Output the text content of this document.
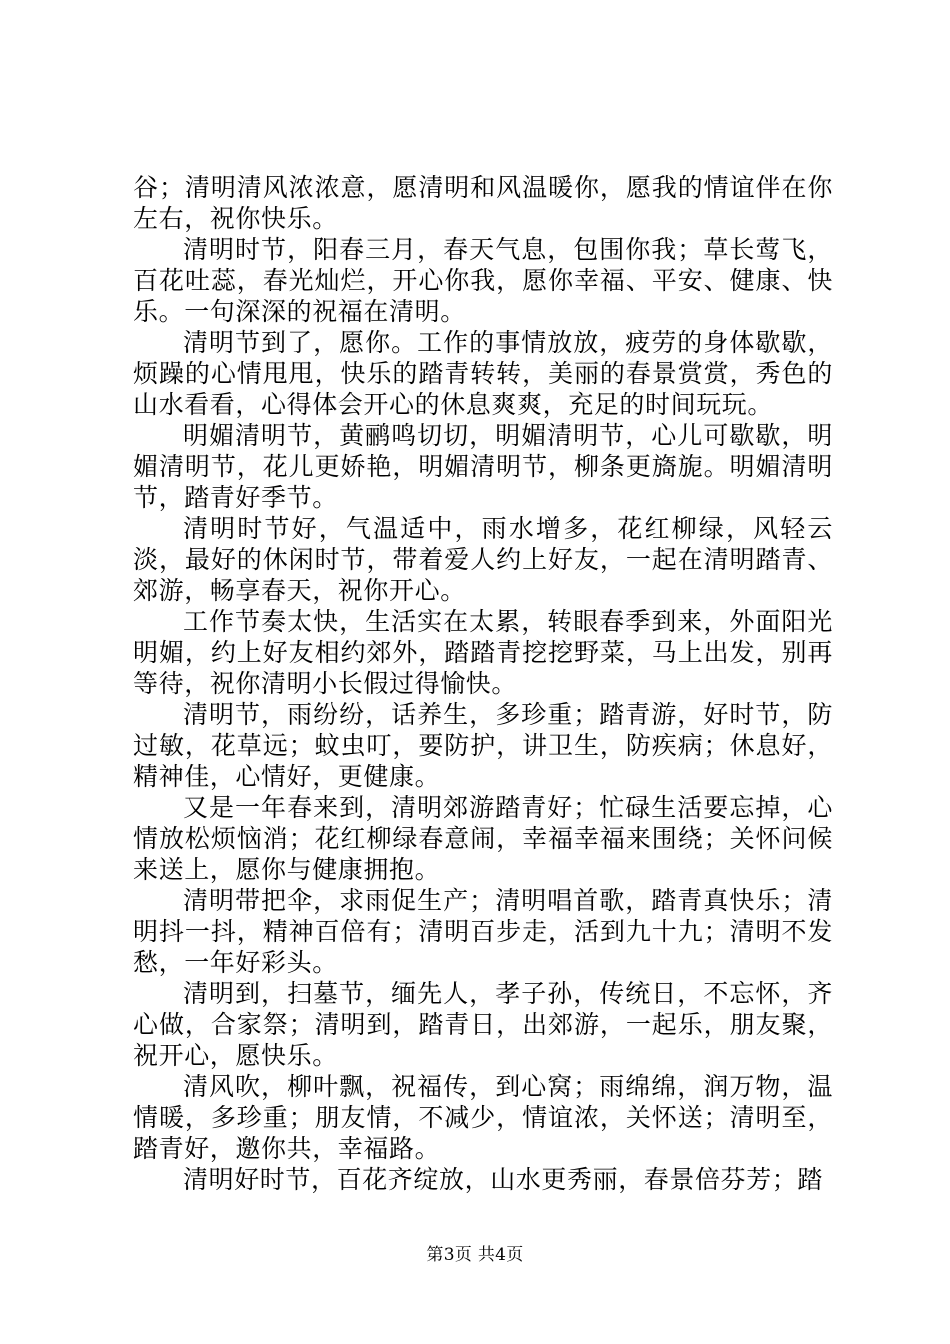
谷；清明清风浓浓意，愿清明和风温暖你，愿我的情谊伴在你左右，祝你快乐。

清明时节，阳春三月，春天气息，包围你我；草长莺飞，百花吐蕊，春光灿烂，开心你我，愿你幸福、平安、健康、快乐。一句深深的祝福在清明。

清明节到了，愿你。工作的事情放放，疲劳的身体歇歇，烦躁的心情甩甩，快乐的踏青转转，美丽的春景赏赏，秀色的山水看看，心得体会开心的休息爽爽，充足的时间玩玩。

明媚清明节，黄鹂鸣切切，明媚清明节，心儿可歇歇，明媚清明节，花儿更娇艳，明媚清明节，柳条更旖旎。明媚清明节，踏青好季节。

清明时节好，气温适中，雨水增多，花红柳绿，风轻云淡，最好的休闲时节，带着爱人约上好友，一起在清明踏青、郊游，畅享春天，祝你开心。

工作节奏太快，生活实在太累，转眼春季到来，外面阳光明媚，约上好友相约郊外，踏踏青挖挖野菜，马上出发，别再等待，祝你清明小长假过得愉快。

清明节，雨纷纷，话养生，多珍重；踏青游，好时节，防过敏，花草远；蚊虫叮，要防护，讲卫生，防疾病；休息好，精神佳，心情好，更健康。

又是一年春来到，清明郊游踏青好；忙碌生活要忘掉，心情放松烦恼消；花红柳绿春意闹，幸福幸福来围绕；关怀问候来送上，愿你与健康拥抱。

清明带把伞，求雨促生产；清明唱首歌，踏青真快乐；清明抖一抖，精神百倍有；清明百步走，活到九十九；清明不发愁，一年好彩头。

清明到，扫墓节，缅先人，孝子孙，传统日，不忘怀，齐心做，合家祭；清明到，踏青日，出郊游，一起乐，朋友聚，祝开心，愿快乐。

清风吹，柳叶飘，祝福传，到心窝；雨绵绵，润万物，温情暖，多珍重；朋友情，不减少，情谊浓，关怀送；清明至，踏青好，邀你共，幸福路。

清明好时节，百花齐绽放，山水更秀丽，春景倍芬芳；踏

第3页 共4页
